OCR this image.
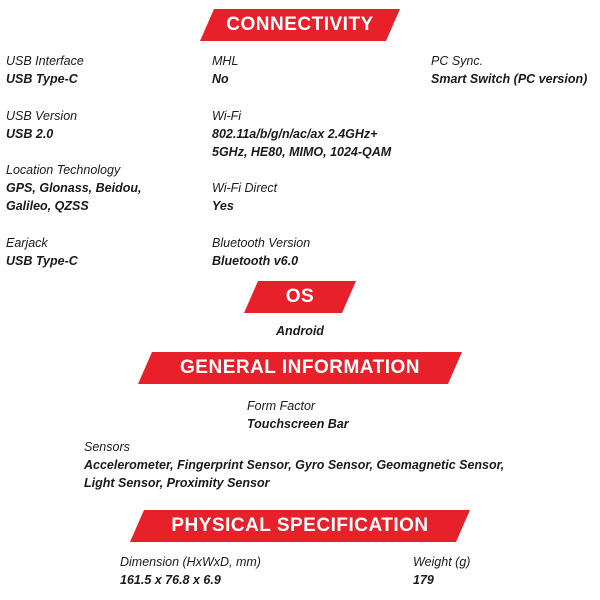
CONNECTIVITY
USB Interface
USB Type-C
USB Version
USB 2.0
Location Technology
GPS, Glonass, Beidou,
Galileo, QZSS
Earjack
USB Type-C
MHL
No
Wi-Fi
802.11a/b/g/n/ac/ax 2.4GHz+
5GHz, HE80, MIMO, 1024-QAM
Wi-Fi Direct
Yes
Bluetooth Version
Bluetooth v6.0
PC Sync.
Smart Switch (PC version)
OS
Android
GENERAL INFORMATION
Form Factor
Touchscreen Bar
Sensors
Accelerometer, Fingerprint Sensor, Gyro Sensor, Geomagnetic Sensor,
Light Sensor, Proximity Sensor
PHYSICAL SPECIFICATION
Dimension (HxWxD, mm)
161.5 x 76.8 x 6.9
Weight (g)
179
